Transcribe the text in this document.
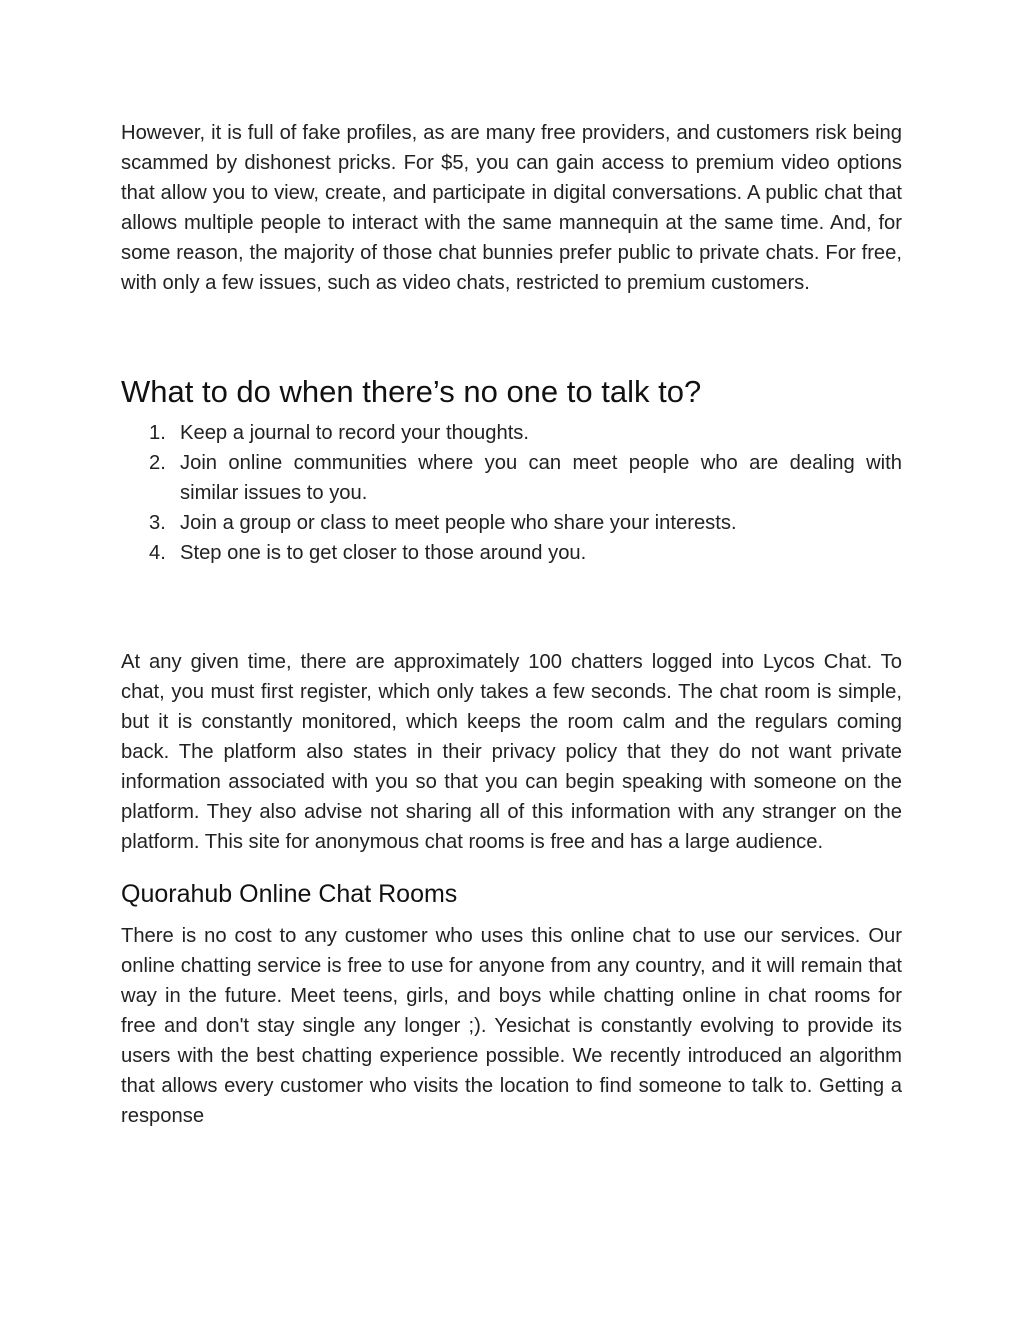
However, it is full of fake profiles, as are many free providers, and customers risk being scammed by dishonest pricks. For $5, you can gain access to premium video options that allow you to view, create, and participate in digital conversations. A public chat that allows multiple people to interact with the same mannequin at the same time. And, for some reason, the majority of those chat bunnies prefer public to private chats. For free, with only a few issues, such as video chats, restricted to premium customers.

What to do when there’s no one to talk to?
1. Keep a journal to record your thoughts.
2. Join online communities where you can meet people who are dealing with similar issues to you.
3. Join a group or class to meet people who share your interests.
4. Step one is to get closer to those around you.

At any given time, there are approximately 100 chatters logged into Lycos Chat. To chat, you must first register, which only takes a few seconds. The chat room is simple, but it is constantly monitored, which keeps the room calm and the regulars coming back. The platform also states in their privacy policy that they do not want private information associated with you so that you can begin speaking with someone on the platform. They also advise not sharing all of this information with any stranger on the platform. This site for anonymous chat rooms is free and has a large audience.

Quorahub Online Chat Rooms

There is no cost to any customer who uses this online chat to use our services. Our online chatting service is free to use for anyone from any country, and it will remain that way in the future. Meet teens, girls, and boys while chatting online in chat rooms for free and don't stay single any longer ;). Yesichat is constantly evolving to provide its users with the best chatting experience possible. We recently introduced an algorithm that allows every customer who visits the location to find someone to talk to. Getting a response
